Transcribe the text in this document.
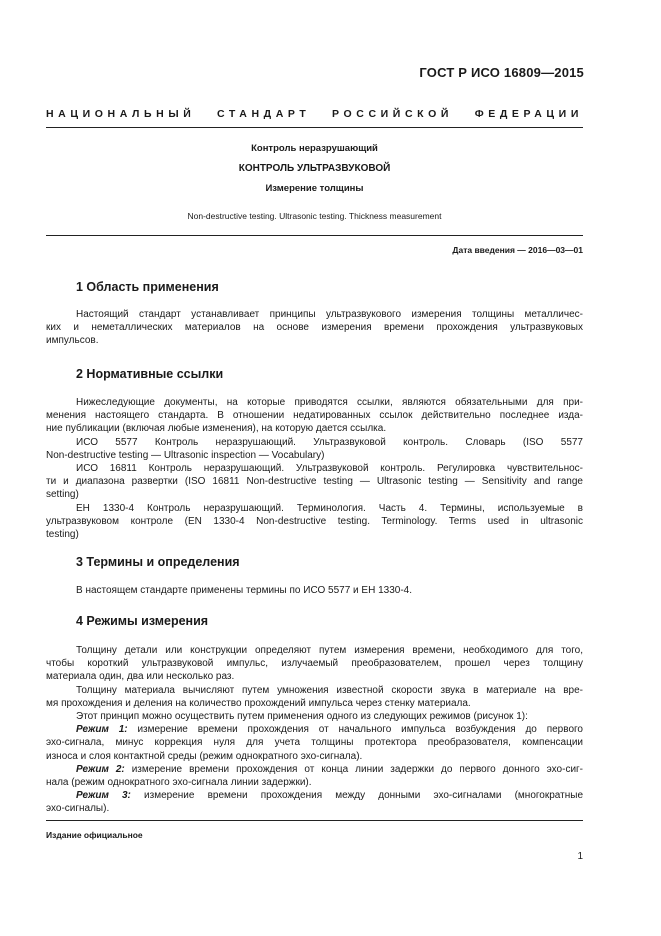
ГОСТ Р ИСО 16809—2015
НАЦИОНАЛЬНЫЙ СТАНДАРТ РОССИЙСКОЙ ФЕДЕРАЦИИ
Контроль неразрушающий
КОНТРОЛЬ УЛЬТРАЗВУКОВОЙ
Измерение толщины
Non-destructive testing. Ultrasonic testing. Thickness measurement
Дата введения — 2016—03—01
1 Область применения

Настоящий стандарт устанавливает принципы ультразвукового измерения толщины металличес-

ких и неметаллических материалов на основе измерения времени прохождения ультразвуковых

импульсов.

2 Нормативные ссылки

Нижеследующие документы, на которые приводятся ссылки, являются обязательными для при-

менения настоящего стандарта. В отношении недатированных ссылок действительно последнее изда-

ние публикации (включая любые изменения), на которую дается ссылка.

ИСО 5577 Контроль неразрушающий. Ультразвуковой контроль. Словарь (ISO 5577

Non-destructive testing — Ultrasonic inspection — Vocabulary)

ИСО 16811 Контроль неразрушающий. Ультразвуковой контроль. Регулировка чувствительнос-

ти и диапазона развертки (ISO 16811 Non-destructive testing — Ultrasonic testing — Sensitivity and range

setting)

ЕН 1330-4 Контроль неразрушающий. Терминология. Часть 4. Термины, используемые в

ультразвуковом контроле (EN 1330-4 Non-destructive testing. Terminology. Terms used in ultrasonic

testing)

3 Термины и определения

В настоящем стандарте применены термины по ИСО 5577 и ЕН 1330-4.

4 Режимы измерения

Толщину детали или конструкции определяют путем измерения времени, необходимого для того,

чтобы короткий ультразвуковой импульс, излучаемый преобразователем, прошел через толщину

материала один, два или несколько раз.

Толщину материала вычисляют путем умножения известной скорости звука в материале на вре-

мя прохождения и деления на количество прохождений импульса через стенку материала.

Этот принцип можно осуществить путем применения одного из следующих режимов (рисунок 1):

Режим 1: измерение времени прохождения от начального импульса возбуждения до первого

эхо-сигнала, минус коррекция нуля для учета толщины протектора преобразователя, компенсации

износа и слоя контактной среды (режим однократного эхо-сигнала).

Режим 2: измерение времени прохождения от конца линии задержки до первого донного эхо-сиг-

нала (режим однократного эхо-сигнала линии задержки).

Режим 3: измерение времени прохождения между донными эхо-сигналами (многократные

эхо-сигналы).

Издание официальное
1
